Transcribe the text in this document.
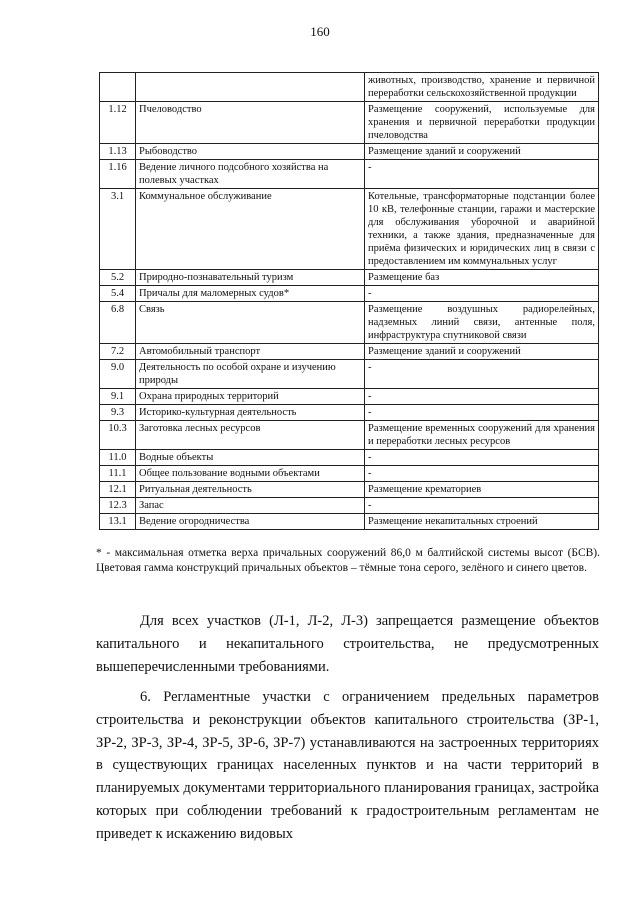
160
		животных, производство, хранение и первичной переработки сельскохозяйственной продукции
1.12	Пчеловодство	Размещение сооружений, используемые для хранения и первичной переработки продукции пчеловодства
1.13	Рыбоводство	Размещение зданий и сооружений
1.16	Ведение личного подсобного хозяйства на полевых участках	-
3.1	Коммунальное обслуживание	Котельные, трансформаторные подстанции более 10 кВ, телефонные станции, гаражи и мастерские для обслуживания уборочной и аварийной техники, а также здания, предназначенные для приёма физических и юридических лиц в связи с предоставлением им коммунальных услуг
5.2	Природно-познавательный туризм	Размещение баз
5.4	Причалы для маломерных судов*	-
6.8	Связь	Размещение воздушных радиорелейных, надземных линий связи, антенные поля, инфраструктура спутниковой связи
7.2	Автомобильный транспорт	Размещение зданий и сооружений
9.0	Деятельность по особой охране и изучению природы	-
9.1	Охрана природных территорий	-
9.3	Историко-культурная деятельность	-
10.3	Заготовка лесных ресурсов	Размещение временных сооружений для хранения и переработки лесных ресурсов
11.0	Водные объекты	-
11.1	Общее пользование водными объектами	-
12.1	Ритуальная деятельность	Размещение крематориев
12.3	Запас	-
13.1	Ведение огородничества	Размещение некапитальных строений
* - максимальная отметка верха причальных сооружений 86,0 м балтийской системы высот (БСВ). Цветовая гамма конструкций причальных объектов – тёмные тона серого, зелёного и синего цветов.
Для всех участков (Л-1, Л-2, Л-3) запрещается размещение объектов капитального и некапитального строительства, не предусмотренных вышеперечисленными требованиями.
6. Регламентные участки с ограничением предельных параметров строительства и реконструкции объектов капитального строительства (ЗР-1, ЗР-2, ЗР-3, ЗР-4, ЗР-5, ЗР-6, ЗР-7) устанавливаются на застроенных территориях в существующих границах населенных пунктов и на части территорий в планируемых документами территориального планирования границах, застройка которых при соблюдении требований к градостроительным регламентам не приведет к искажению видовых
